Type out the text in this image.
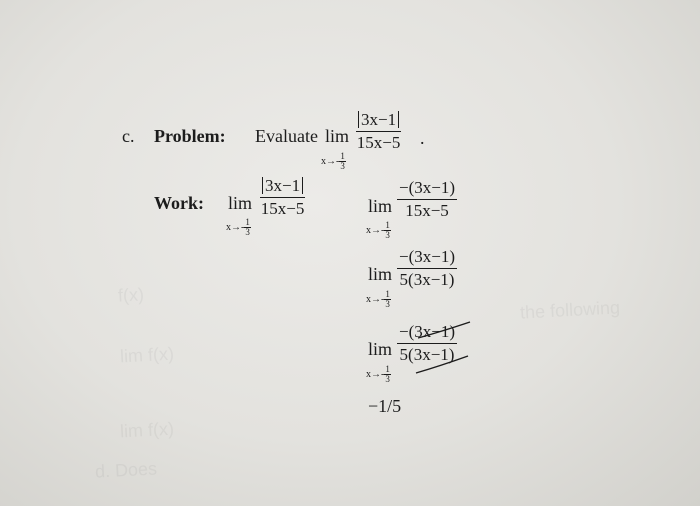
f(x)
the following
lim f(x)
lim f(x)
d. Does
c. Problem: Evaluate lim
$x\to- \frac{1}{3}$
3x−1
15x−5 .
Work: lim
$x\to- \frac{1}{3}$
3x−1
15x−5	lim
$x\to- \frac{1}{3}$
−(3x−1)
15x−5
lim
$x\to- \frac{1}{3}$
−(3x−1)
5(3x−1)
lim
$x\to- \frac{1}{3}$
−(3x−1)
5(3x−1)
−1/5
